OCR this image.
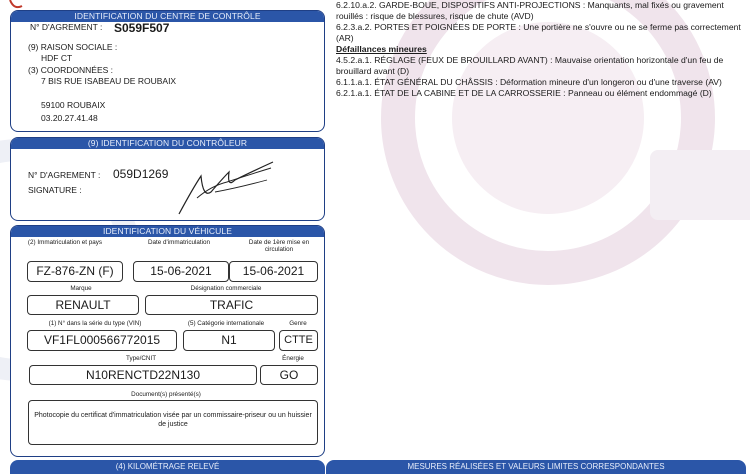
IDENTIFICATION DU CENTRE DE CONTRÔLE
N° D'AGREMENT : S059F507
(9) RAISON SOCIALE :
HDF CT
(3) COORDONNÉES :
7 BIS RUE ISABEAU DE ROUBAIX
59100 ROUBAIX
03.20.27.41.48
(9) IDENTIFICATION DU CONTRÔLEUR
N° D'AGREMENT : 059D1269
SIGNATURE :
IDENTIFICATION DU VÉHICULE
(2) Immatriculation et pays	Date d'immatriculation	Date de 1ère mise en circulation
FZ-876-ZN (F)	15-06-2021	15-06-2021
Marque	Désignation commerciale
RENAULT	TRAFIC
(1) N° dans la série du type (VIN)	(5) Catégorie internationale	Genre
VF1FL000566772015	N1	CTTE
Type/CNIT	Énergie
N10RENCTD22N130	GO
Document(s) présenté(s)
Photocopie du certificat d'immatriculation visée par un commissaire-priseur ou un huissier de justice
(4) KILOMÉTRAGE RELEVÉ

6.2.10.a.2. GARDE-BOUE, DISPOSITIFS ANTI-PROJECTIONS : Manquants, mal fixés ou gravement rouillés : risque de blessures, risque de chute (AVD)

6.2.3.a.2. PORTES ET POIGNÉES DE PORTE : Une portière ne s'ouvre ou ne se ferme pas correctement (AR)

Défaillances mineures

4.5.2.a.1. RÉGLAGE (FEUX DE BROUILLARD AVANT) : Mauvaise orientation horizontale d'un feu de brouillard avant (D)

6.1.1.a.1. ÉTAT GÉNÉRAL DU CHÂSSIS : Déformation mineure d'un longeron ou d'une traverse (AV)

6.2.1.a.1. ÉTAT DE LA CABINE ET DE LA CARROSSERIE : Panneau ou élément endommagé (D)

MESURES RÉALISÉES ET VALEURS LIMITES CORRESPONDANTES
